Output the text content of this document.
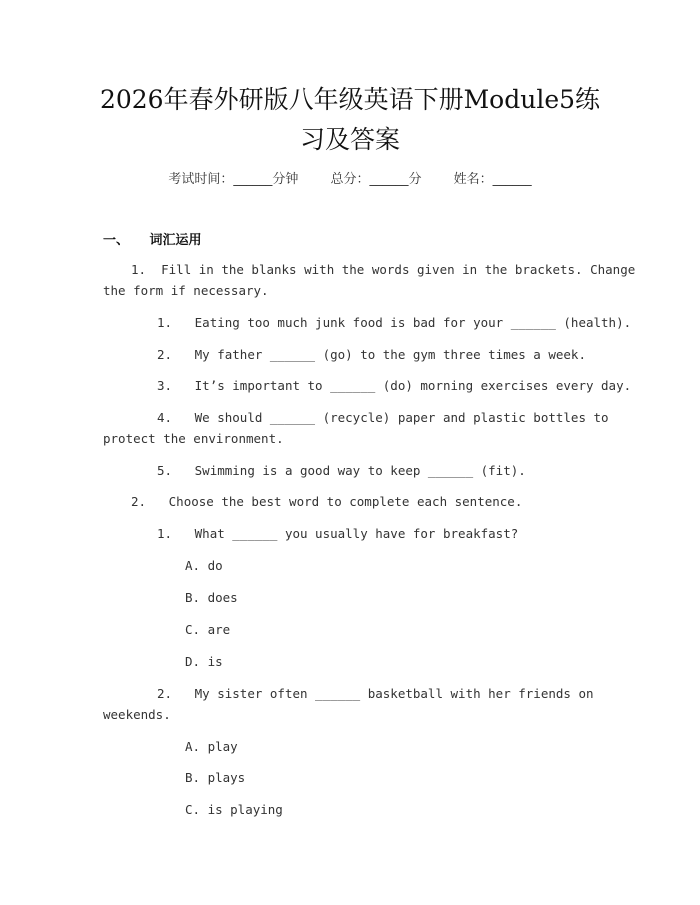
2026年春外研版八年级英语下册Module5练
习及答案
考试时间：______分钟 总分：______分 姓名：______
一、 词汇运用
1. Fill in the blanks with the words given in the brackets. Change
the form if necessary.
1. Eating too much junk food is bad for your ______ (health).
2. My father ______ (go) to the gym three times a week.
3. It’s important to ______ (do) morning exercises every day.
4. We should ______ (recycle) paper and plastic bottles to
protect the environment.
5. Swimming is a good way to keep ______ (fit).
2. Choose the best word to complete each sentence.
1. What ______ you usually have for breakfast?
A. do
B. does
C. are
D. is
2. My sister often ______ basketball with her friends on
weekends.
A. play
B. plays
C. is playing
